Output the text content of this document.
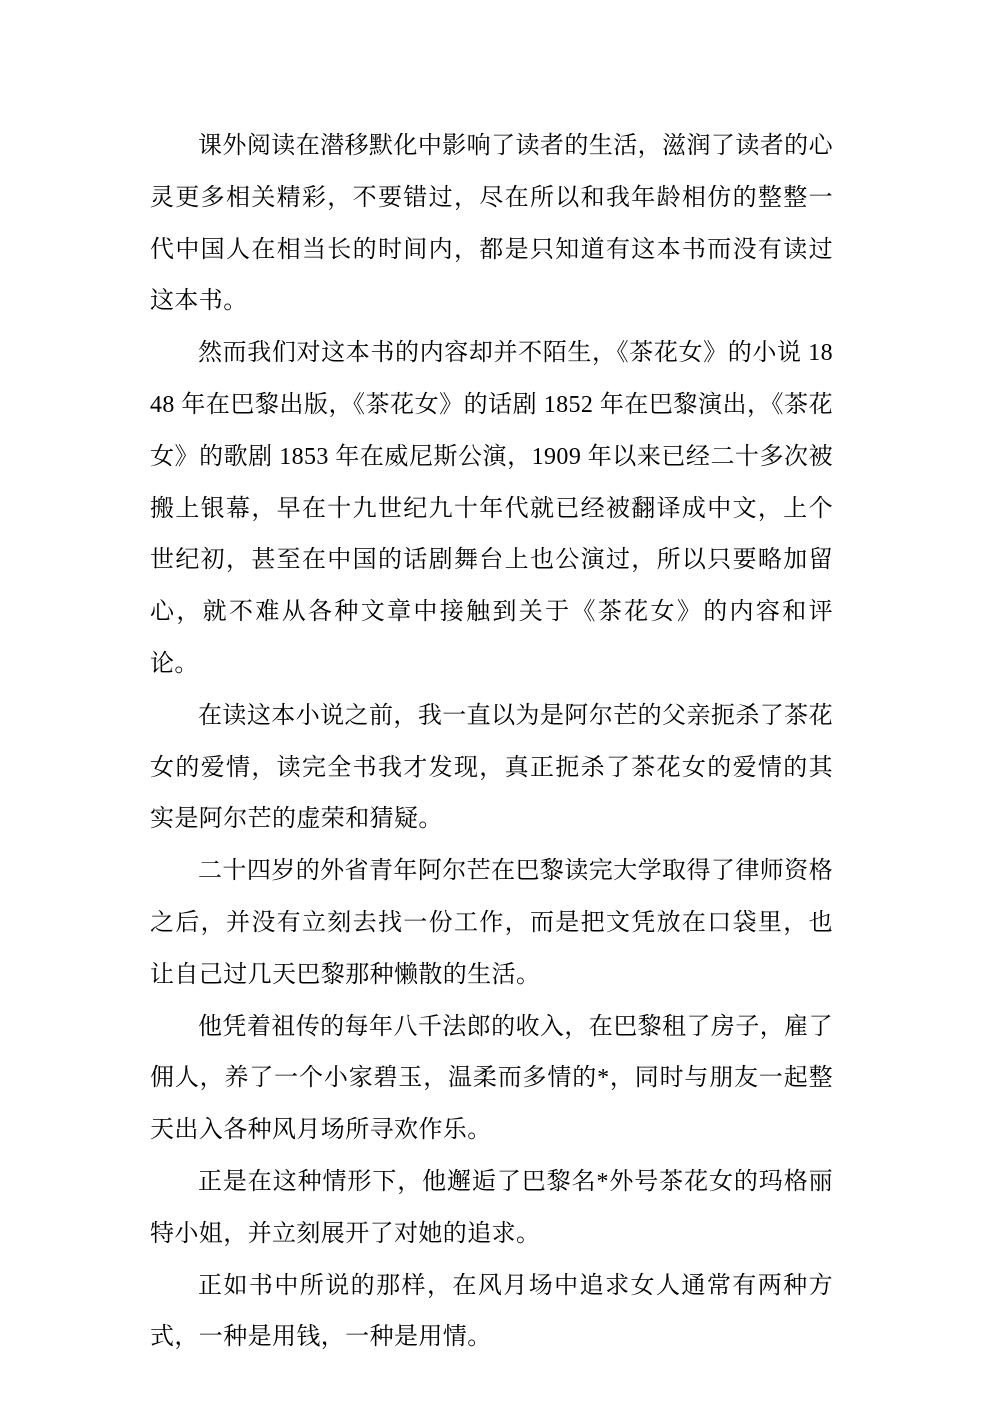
课外阅读在潜移默化中影响了读者的生活，滋润了读者的心灵更多相关精彩，不要错过，尽在所以和我年龄相仿的整整一代中国人在相当长的时间内，都是只知道有这本书而没有读过这本书。

然而我们对这本书的内容却并不陌生，《茶花女》的小说 1848 年在巴黎出版，《茶花女》的话剧 1852 年在巴黎演出，《茶花女》的歌剧 1853 年在威尼斯公演，1909 年以来已经二十多次被搬上银幕，早在十九世纪九十年代就已经被翻译成中文，上个世纪初，甚至在中国的话剧舞台上也公演过，所以只要略加留心，就不难从各种文章中接触到关于《茶花女》的内容和评论。

在读这本小说之前，我一直以为是阿尔芒的父亲扼杀了茶花女的爱情，读完全书我才发现，真正扼杀了茶花女的爱情的其实是阿尔芒的虚荣和猜疑。

二十四岁的外省青年阿尔芒在巴黎读完大学取得了律师资格之后，并没有立刻去找一份工作，而是把文凭放在口袋里，也让自己过几天巴黎那种懒散的生活。

他凭着祖传的每年八千法郎的收入，在巴黎租了房子，雇了佣人，养了一个小家碧玉，温柔而多情的*，同时与朋友一起整天出入各种风月场所寻欢作乐。

正是在这种情形下，他邂逅了巴黎名*外号茶花女的玛格丽特小姐，并立刻展开了对她的追求。

正如书中所说的那样，在风月场中追求女人通常有两种方式，一种是用钱，一种是用情。
